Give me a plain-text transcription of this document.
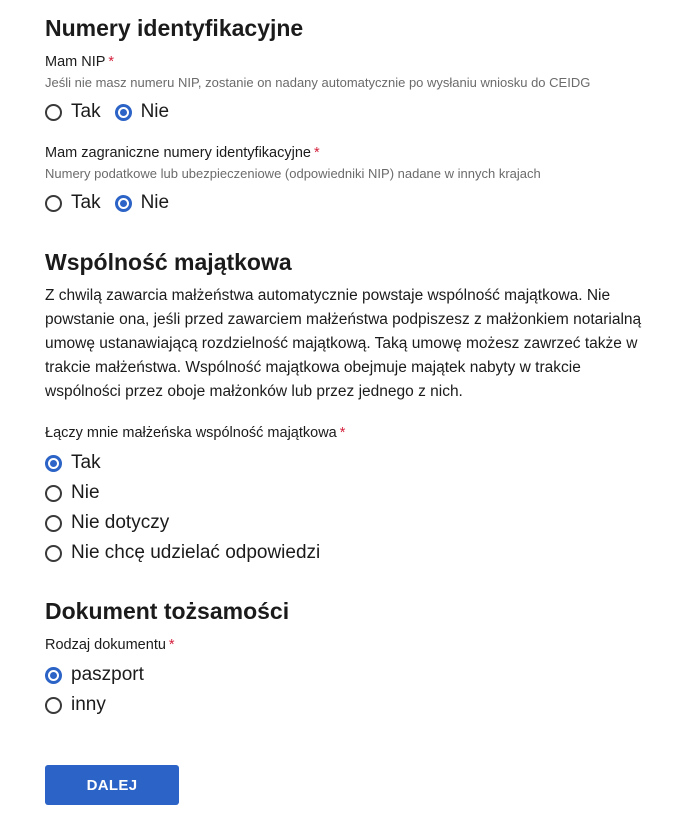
Numery identyfikacyjne
Mam NIP *
Jeśli nie masz numeru NIP, zostanie on nadany automatycznie po wysłaniu wniosku do CEIDG
Tak Nie
Mam zagraniczne numery identyfikacyjne *
Numery podatkowe lub ubezpieczeniowe (odpowiedniki NIP) nadane w innych krajach
Tak Nie
Wspólność majątkowa
Z chwilą zawarcia małżeństwa automatycznie powstaje wspólność majątkowa. Nie
powstanie ona, jeśli przed zawarciem małżeństwa podpiszesz z małżonkiem notarialną
umowę ustanawiającą rozdzielność majątkową. Taką umowę możesz zawrzeć także w
trakcie małżeństwa. Wspólność majątkowa obejmuje majątek nabyty w trakcie
wspólności przez oboje małżonków lub przez jednego z nich.
Łączy mnie małżeńska wspólność majątkowa *
Tak
Nie
Nie dotyczy
Nie chcę udzielać odpowiedzi
Dokument tożsamości
Rodzaj dokumentu *
paszport
inny
DALEJ
